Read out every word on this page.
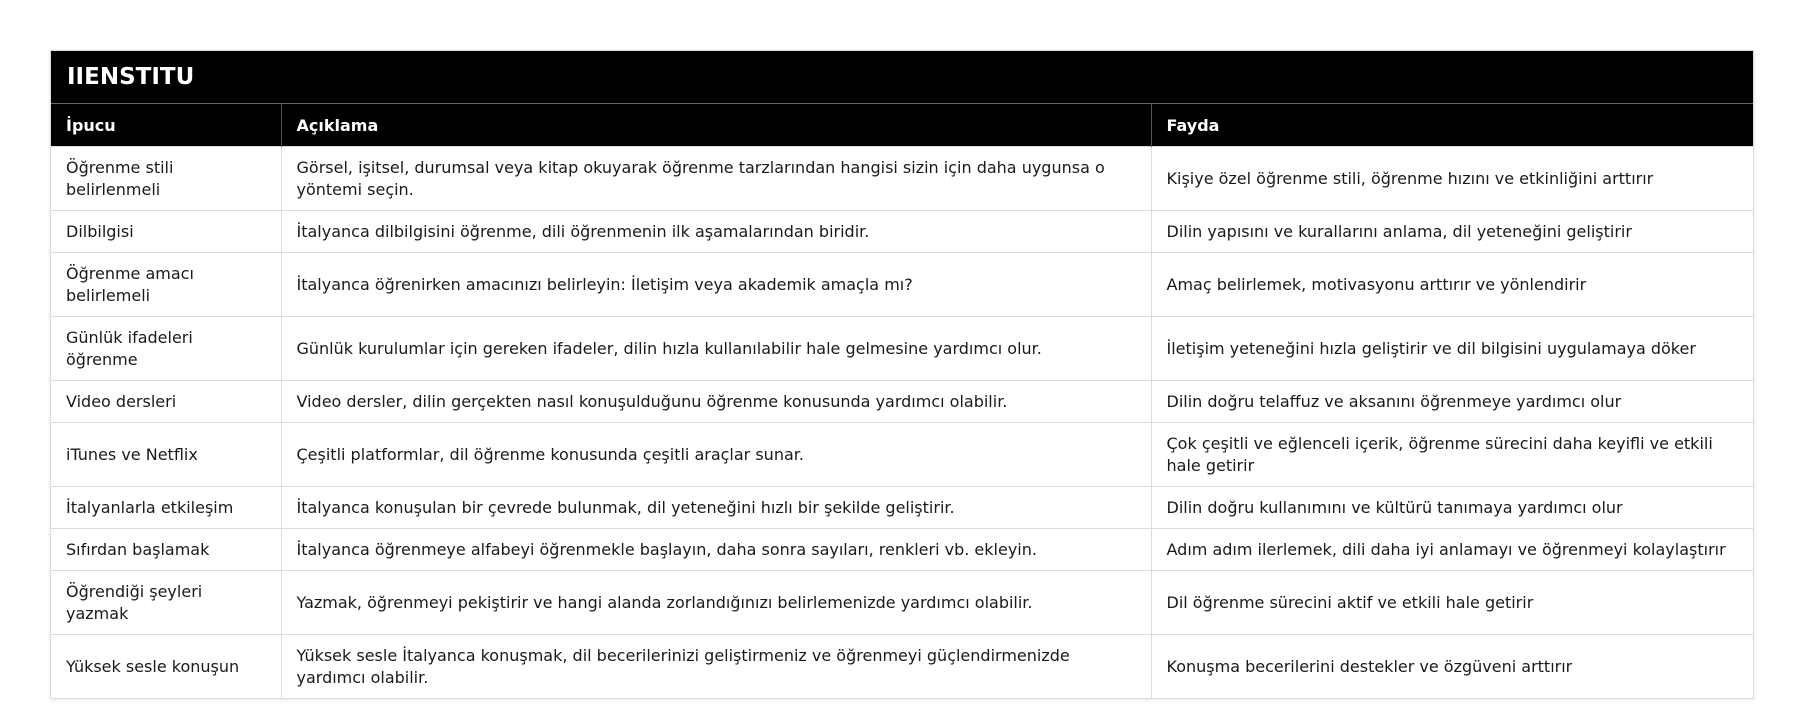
IIENSTITU
İpucu	Açıklama	Fayda
Öğrenme stili belirlenmeli	Görsel, işitsel, durumsal veya kitap okuyarak öğrenme tarzlarından hangisi sizin için daha uygunsa o yöntemi seçin.	Kişiye özel öğrenme stili, öğrenme hızını ve etkinliğini arttırır
Dilbilgisi	İtalyanca dilbilgisini öğrenme, dili öğrenmenin ilk aşamalarından biridir.	Dilin yapısını ve kurallarını anlama, dil yeteneğini geliştirir
Öğrenme amacı belirlemeli	İtalyanca öğrenirken amacınızı belirleyin: İletişim veya akademik amaçla mı?	Amaç belirlemek, motivasyonu arttırır ve yönlendirir
Günlük ifadeleri öğrenme	Günlük kurulumlar için gereken ifadeler, dilin hızla kullanılabilir hale gelmesine yardımcı olur.	İletişim yeteneğini hızla geliştirir ve dil bilgisini uygulamaya döker
Video dersleri	Video dersler, dilin gerçekten nasıl konuşulduğunu öğrenme konusunda yardımcı olabilir.	Dilin doğru telaffuz ve aksanını öğrenmeye yardımcı olur
iTunes ve Netflix	Çeşitli platformlar, dil öğrenme konusunda çeşitli araçlar sunar.	Çok çeşitli ve eğlenceli içerik, öğrenme sürecini daha keyifli ve etkili hale getirir
İtalyanlarla etkileşim	İtalyanca konuşulan bir çevrede bulunmak, dil yeteneğini hızlı bir şekilde geliştirir.	Dilin doğru kullanımını ve kültürü tanımaya yardımcı olur
Sıfırdan başlamak	İtalyanca öğrenmeye alfabeyi öğrenmekle başlayın, daha sonra sayıları, renkleri vb. ekleyin.	Adım adım ilerlemek, dili daha iyi anlamayı ve öğrenmeyi kolaylaştırır
Öğrendiği şeyleri yazmak	Yazmak, öğrenmeyi pekiştirir ve hangi alanda zorlandığınızı belirlemenizde yardımcı olabilir.	Dil öğrenme sürecini aktif ve etkili hale getirir
Yüksek sesle konuşun	Yüksek sesle İtalyanca konuşmak, dil becerilerinizi geliştirmeniz ve öğrenmeyi güçlendirmenizde yardımcı olabilir.	Konuşma becerilerini destekler ve özgüveni arttırır
